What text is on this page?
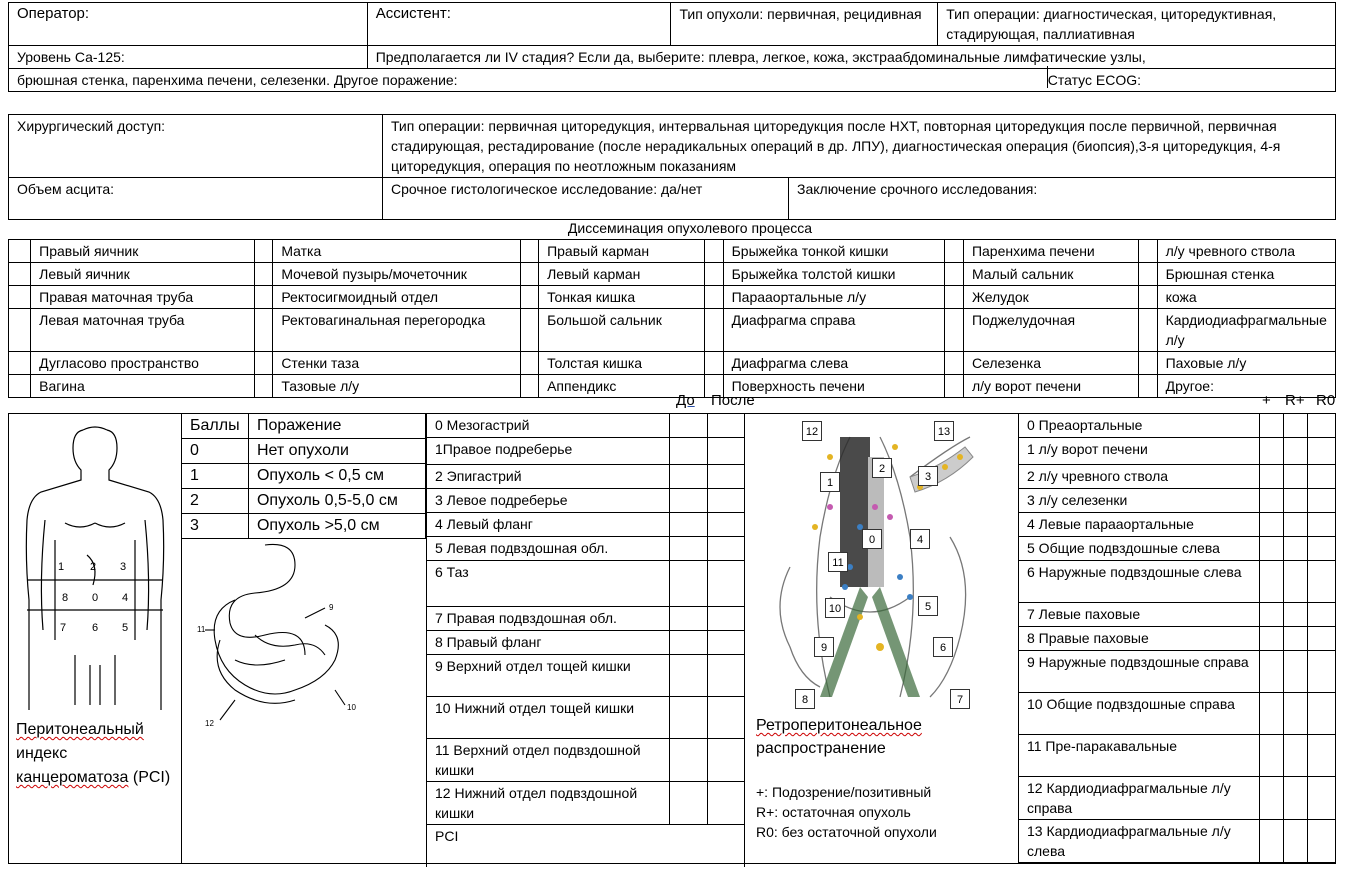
Оператор:	Ассистент:	Тип опухоли: первичная, рецидивная	Тип операции: диагностическая, циторедуктивная, стадирующая, паллиативная
Уровень Са-125:	Предполагается ли IV стадия? Если да, выберите: плевра, легкое, кожа, экстраабдоминальные лимфатические узлы,		
брюшная стенка, паренхима печени, селезенки. Другое поражение:			Статус ECOG:
Хирургический доступ:	Тип операции: первичная циторедукция, интервальная циторедукция после НХТ, повторная циторедукция после первичной, первичная стадирующая, рестадирование (после нерадикальных операций в др. ЛПУ), диагностическая операция (биопсия),3-я циторедукция, 4-я циторедукция, операция по неотложным показаниям	
Объем асцита:	Срочное гистологическое исследование: да/нет	Заключение срочного исследования:
Диссеминация опухолевого процесса
	Правый яичник		Матка		Правый карман		Брыжейка тонкой кишки		Паренхима печени		л/у чревного ствола
	Левый яичник		Мочевой пузырь/мочеточник		Левый карман		Брыжейка толстой кишки		Малый сальник		Брюшная стенка
	Правая маточная труба		Ректосигмоидный отдел		Тонкая кишка		Парааортальные л/у		Желудок		кожа
	Левая маточная труба		Ректовагинальная перегородка		Большой сальник		Диафрагма справа		Поджелудочная		Кардиодиафрагмальные л/у
	Дугласово пространство		Стенки таза		Толстая кишка		Диафрагма слева		Селезенка		Паховые л/у
	Вагина		Тазовые л/у		Аппендикс		Поверхность печени		л/у ворот печени		Другое:
До После	+ R+ R0
1 2 3
8 0 4
7 6 5
Перитонеальный индекс канцероматоза (PCI)
Баллы	Поражение
0	Нет опухоли
1	Опухоль < 0,5 см
2	Опухоль 0,5-5,0 см
3	Опухоль >5,0 см
11
9
10
12
0 Мезогастрий		
1Правое подреберье		
2 Эпигастрий		
3 Левое подреберье		
4 Левый фланг		
5 Левая подвздошная обл.		
6 Таз		
7 Правая подвздошная обл.		
8 Правый фланг		
9 Верхний отдел тощей кишки		
10 Нижний отдел тощей кишки		
11 Верхний отдел подвздошной кишки		
12 Нижний отдел подвздошной кишки		
PCI		
12	13
1
2
3
0	4
11
10	5
9	6
8	7
Ретроперитонеальное распространение
+: Подозрение/позитивный
R+: остаточная опухоль
R0: без остаточной опухоли
0 Преаортальные			
1 л/у ворот печени			
2 л/у чревного ствола			
3 л/у селезенки			
4 Левые парааортальные			
5 Общие подвздошные слева			
6 Наружные подвздошные слева			
7 Левые паховые			
8 Правые паховые			
9 Наружные подвздошные справа			
10 Общие подвздошные справа			
11 Пре-паракавальные			
12 Кардиодиафрагмальные л/у справа			
13 Кардиодиафрагмальные л/у слева			
